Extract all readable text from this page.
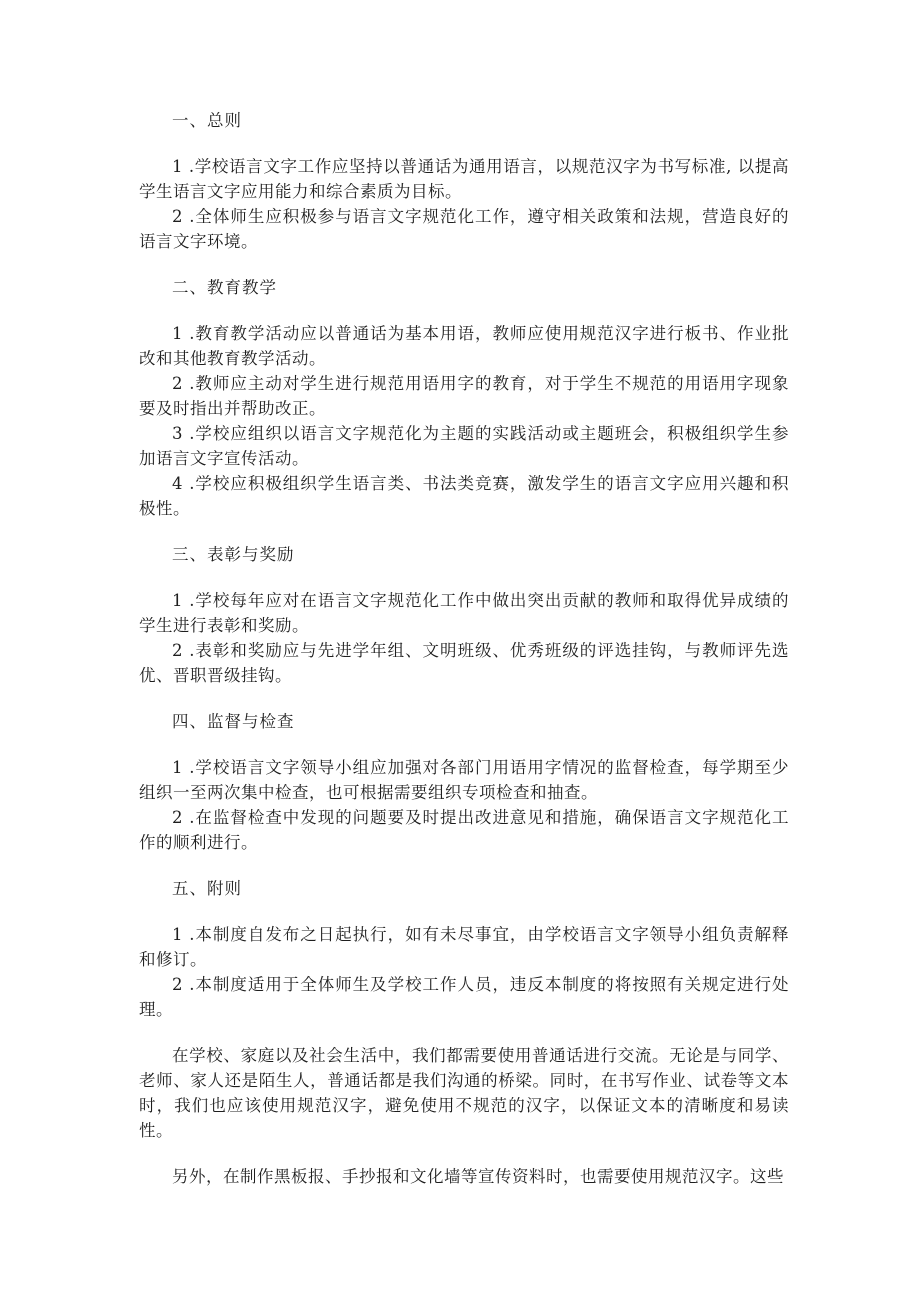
一、总则

1 .学校语言文字工作应坚持以普通话为通用语言，以规范汉字为书写标准, 以提高学生语言文字应用能力和综合素质为目标。

2 .全体师生应积极参与语言文字规范化工作，遵守相关政策和法规，营造良好的语言文字环境。

二、教育教学

1 .教育教学活动应以普通话为基本用语，教师应使用规范汉字进行板书、作业批改和其他教育教学活动。

2 .教师应主动对学生进行规范用语用字的教育，对于学生不规范的用语用字现象要及时指出并帮助改正。

3 .学校应组织以语言文字规范化为主题的实践活动或主题班会，积极组织学生参加语言文字宣传活动。

4 .学校应积极组织学生语言类、书法类竞赛，激发学生的语言文字应用兴趣和积极性。

三、表彰与奖励

1 .学校每年应对在语言文字规范化工作中做出突出贡献的教师和取得优异成绩的学生进行表彰和奖励。

2 .表彰和奖励应与先进学年组、文明班级、优秀班级的评选挂钩，与教师评先选优、晋职晋级挂钩。

四、监督与检查

1 .学校语言文字领导小组应加强对各部门用语用字情况的监督检查，每学期至少组织一至两次集中检查，也可根据需要组织专项检查和抽查。

2 .在监督检查中发现的问题要及时提出改进意见和措施，确保语言文字规范化工作的顺利进行。

五、附则

1 .本制度自发布之日起执行，如有未尽事宜，由学校语言文字领导小组负责解释和修订。

2 .本制度适用于全体师生及学校工作人员，违反本制度的将按照有关规定进行处理。

在学校、家庭以及社会生活中，我们都需要使用普通话进行交流。无论是与同学、老师、家人还是陌生人，普通话都是我们沟通的桥梁。同时，在书写作业、试卷等文本时，我们也应该使用规范汉字，避免使用不规范的汉字，以保证文本的清晰度和易读性。

另外，在制作黑板报、手抄报和文化墙等宣传资料时，也需要使用规范汉字。这些
